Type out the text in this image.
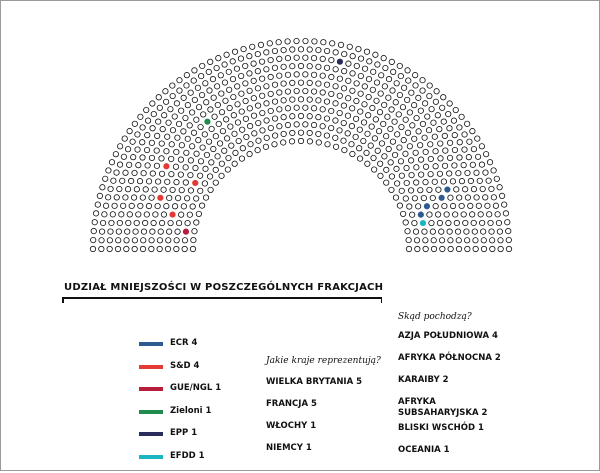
UDZIAŁ MNIEJSZOŚCI W POSZCZEGÓLNYCH FRAKCJACH
ECR 4
S&D 4
GUE/NGL 1
Zieloni 1
EPP 1
EFDD 1
Jakie kraje reprezentują?
WIELKA BRYTANIA 5
FRANCJA 5
WŁOCHY 1
NIEMCY 1
Skąd pochodzą?
AZJA POŁUDNIOWA 4
AFRYKA PÓŁNOCNA 2
KARAIBY 2
AFRYKA
SUBSAHARYJSKA 2
BLISKI WSCHÓD 1
OCEANIA 1
